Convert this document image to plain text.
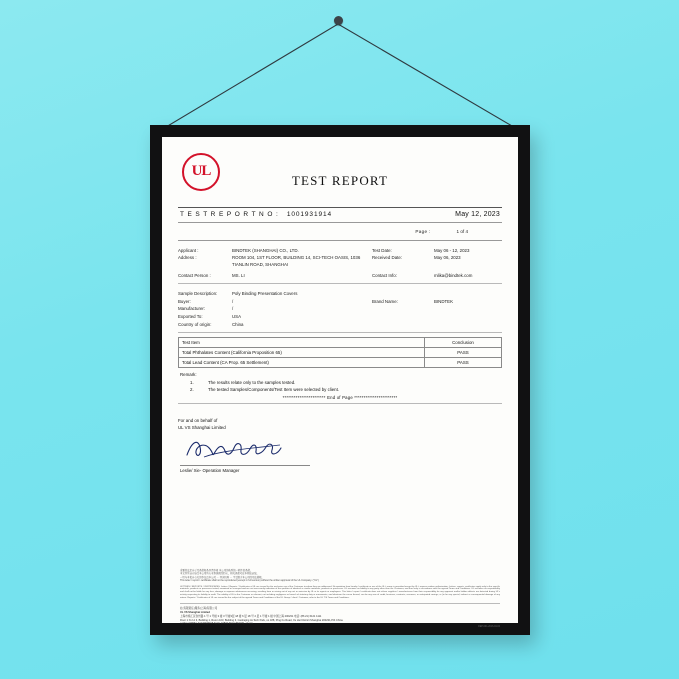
UL
TEST REPORT
T E S T R E P O R T N O : 1001931914	May 12, 2023
Page :	1 of 4
Applicant :	BINDTEK (SHANGHAI) CO., LTD.	Test Date:	May 06 - 12, 2023
Address :	ROOM 104, 1ST FLOOR, BUILDING 14, SCI-TECH OASIS, 1036 TIANLIN ROAD, SHANGHAI
Received Date:	May 06, 2023
Contact Person :	MS. LI	Contact Info:	mlika@bindtek.com
Sample Description:	Poly Binding Presentation Covers
Buyer:	/	Brand Name:	BINDTEK
Manufacturer:	/
Exported To:	USA
Country of origin:	China
Test Item	Conclusion
Total Phthalates Content (California Proposition 65)	PASS
Total Lead Content (CA Prop. 65 Settlement)	PASS
Remark:
1.	The results relate only to the samples tested.
2.	The tested Samples/Components/Test Item were selected by client.
*********************** End of Page ***********************
For and on behalf of
UL VS Shanghai Limited
Leslie/ Xie- Operation Manager
重要的法定告示及条款和条件请参阅 本公司的收到的一般性的条款。
本文件所含内容受本公司所有业务条款的约束，相关条款可在本网站获取。
一切与本报告有关的争议由本公司 － 仲裁机构 － 不受限于本公司的司法管辖。
This letter / report / certificate shall not be reproduced (except in full version) without the written approval of the UL Company. ("UL")
LETTERS / REPORTS / CERTIFICATES: Letters / Reports / Certificates of UL are issued for the exclusive use of the Customer to whom they are addressed. No quotation from hereby / certificate or use of the UL's name is permitted except by UL's express written authorization. Letters, reports, certificates apply only to the specific materials, products or processes tested, examined or surveyed and are not necessarily indicative of the qualities of identical or similar materials, products or processes. UL assumes no liability to any party other than the Customer, and then only in accordance with the agreed Terms and Conditions. UL assumes no responsibility and shall not be liable for any loss, damage or expense whatsoever occurring, resulting from or arising out of any act or omission by UL or its agents or employees. This letter / report / certificate does not relieve suppliers / manufacturers from their responsibility for any apparent and/or hidden defects nor detected during UL's activity respecting its liability to audit. The validity of UL to the Customer or relevant, not including negligence or breach of statutory duty or movements, and whatever the cause thereof, can be any sum of credit, business, contracts, revenues, or anticipated savings, or (in for any special, indirect or consequential damage of any nature. Reports / Certificates of UL are issued for the subject of the agreed Terms and Conditions of the UL Group / client / Customer, refer to the UL T/S Terms and Conditions.
社(有限责任)服务(上海)有限公司
UL VS Shanghai Limited
上海市徐汇区钦州路 1 号 1 号楼 3 楼 3 号楼3层 18 楼 6 层 18 号 2 层 1 号楼 1 楼 中国上海 200231 电话: (86 21) 6121 1111
Floor 1 N 2 A 3, Building 1, Room 103, Building 3, Caohejing Hi-Tech Park, no 188, Ping Fu Road, Xu Hui District Shanghai 200231,P.R.China
t (271) 108651-3442(8)(8915 6(21) 10833 9913 75(929), of size
REP-001-2016-04-00
